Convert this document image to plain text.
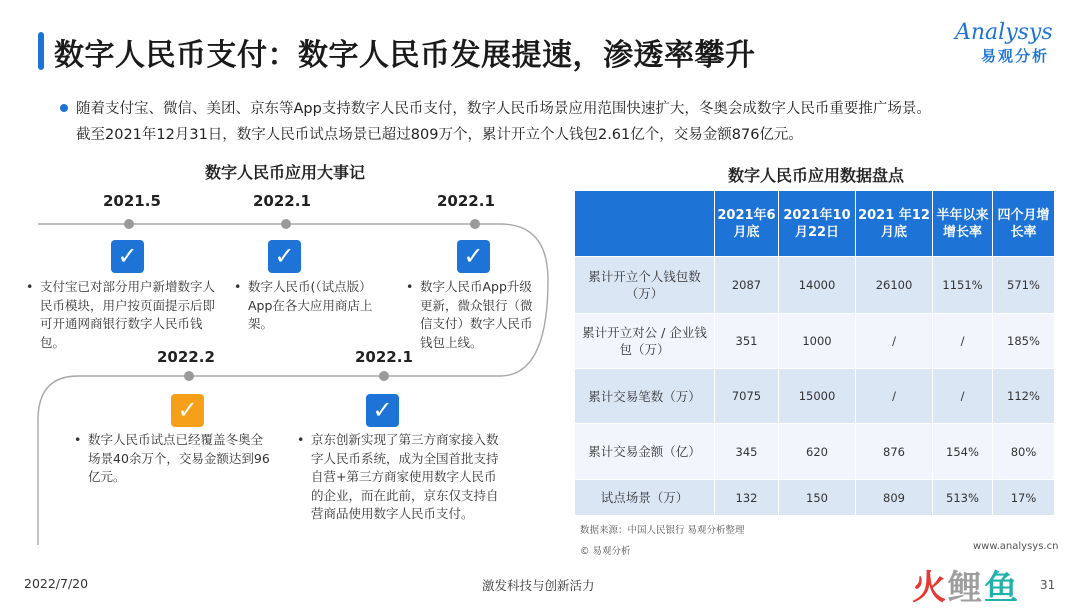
数字人民币支付：数字人民币发展提速，渗透率攀升
Analysys
易观分析
随着支付宝、微信、美团、京东等App支持数字人民币支付，数字人民币场景应用范围快速扩大，冬奥会成数字人民币重要推广场景。
截至2021年12月31日，数字人民币试点场景已超过809万个，累计开立个人钱包2.61亿个，交易金额876亿元。
数字人民币应用大事记
2021.5
✓
• 支付宝已对部分用户新增数字人民币模块，用户按页面提示后即可开通网商银行数字人民币钱包。
2022.1
✓
• 数字人民币(（试点版）App在各大应用商店上架。
2022.1
✓
• 数字人民币App升级更新，微众银行（微信支付）数字人民币钱包上线。
2022.2
✓
• 数字人民币试点已经覆盖冬奥全场景40余万个，交易金额达到96亿元。
2022.1
✓
• 京东创新实现了第三方商家接入数字人民币系统，成为全国首批支持自营+第三方商家使用数字人民币的企业，而在此前，京东仅支持自营商品使用数字人民币支付。
数字人民币应用数据盘点
	2021年6月底	2021年10月22日	2021 年12 月底	半年以来增长率	四个月增长率
累计开立个人钱包数（万）	2087	14000	26100	1151%	571%
累计开立对公 / 企业钱包（万）	351	1000	/	/	185%
累计交易笔数（万）	7075	15000	/	/	112%
累计交易金额（亿）	345	620	876	154%	80%
试点场景（万）	132	150	809	513%	17%
数据来源：中国人民银行 易观分析整理
© 易观分析	www.analysys.cn
2022/7/20	激发科技与创新活力	31
火鲤鱼
